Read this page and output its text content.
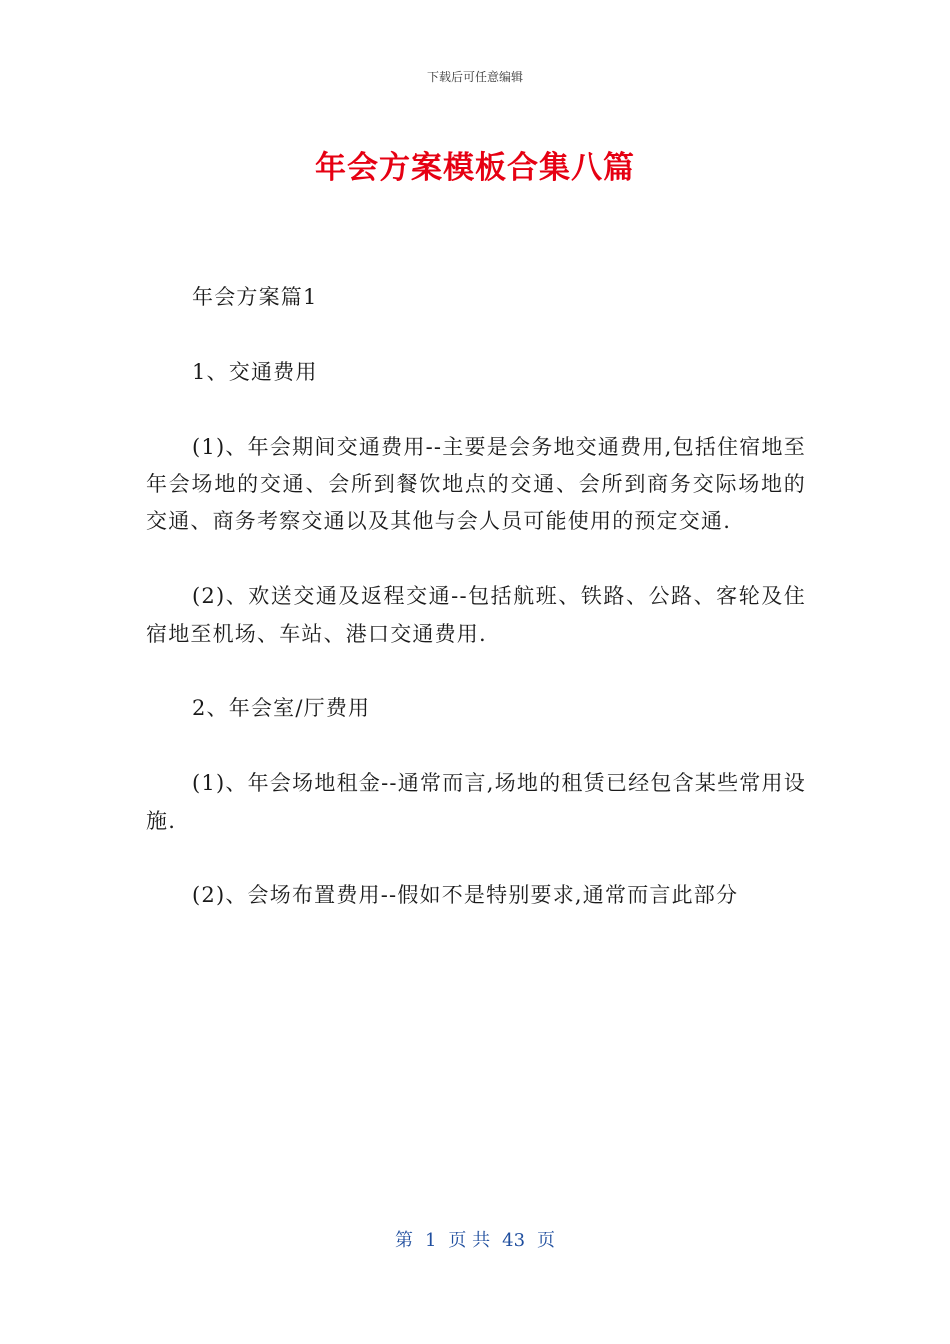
下载后可任意编辑
年会方案模板合集八篇

年会方案篇1

1、交通费用

(1)、年会期间交通费用--主要是会务地交通费用,包括住宿地至年会场地的交通、会所到餐饮地点的交通、会所到商务交际场地的交通、商务考察交通以及其他与会人员可能使用的预定交通.

(2)、欢送交通及返程交通--包括航班、铁路、公路、客轮及住宿地至机场、车站、港口交通费用.

2、年会室/厅费用

(1)、年会场地租金--通常而言,场地的租赁已经包含某些常用设施.

(2)、会场布置费用--假如不是特别要求,通常而言此部分

第 1 页 共 43 页
